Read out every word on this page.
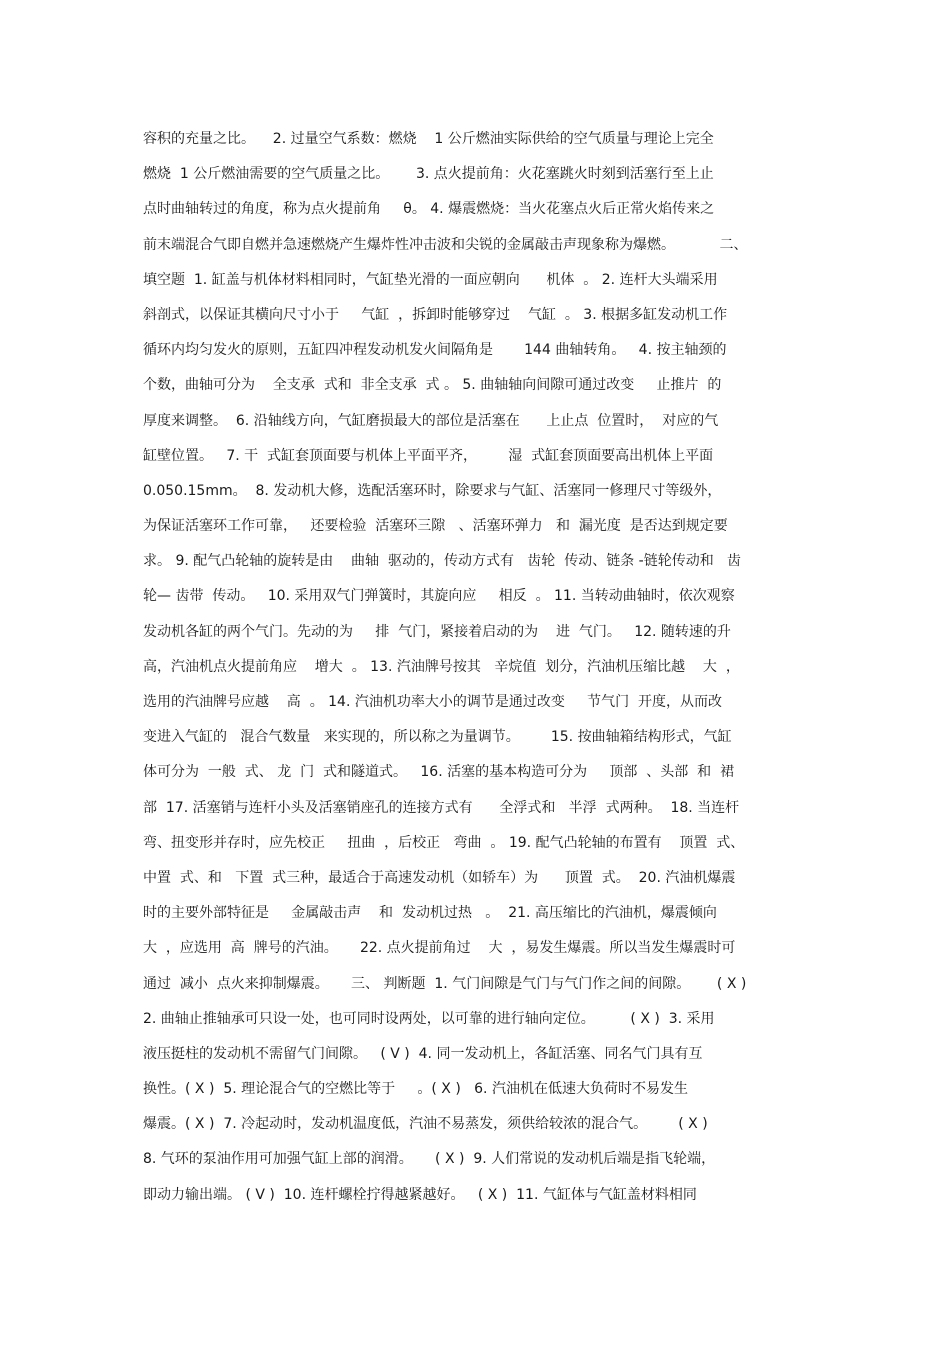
容积的充量之比。    2. 过量空气系数：燃烧    1 公斤燃油实际供给的空气质量与理论上完全
燃烧  1 公斤燃油需要的空气质量之比。      3. 点火提前角：火花塞跳火时刻到活塞行至上止
点时曲轴转过的角度，称为点火提前角     θ。 4. 爆震燃烧：当火花塞点火后正常火焰传来之
前末端混合气即自燃并急速燃烧产生爆炸性冲击波和尖锐的金属敲击声现象称为爆燃。          二、
填空题  1. 缸盖与机体材料相同时，气缸垫光滑的一面应朝向      机体  。 2. 连杆大头端采用
斜剖式，以保证其横向尺寸小于     气缸  ，拆卸时能够穿过    气缸  。 3. 根据多缸发动机工作
循环内均匀发火的原则，五缸四冲程发动机发火间隔角是       144 曲轴转角。   4. 按主轴颈的
个数，曲轴可分为    全支承  式和  非全支承  式 。 5. 曲轴轴向间隙可通过改变     止推片  的
厚度来调整。  6. 沿轴线方向，气缸磨损最大的部位是活塞在      上止点  位置时，  对应的气
缸壁位置。   7. 干  式缸套顶面要与机体上平面平齐，       湿  式缸套顶面要高出机体上平面
0.050.15mm。  8. 发动机大修，选配活塞环时，除要求与气缸、活塞同一修理尺寸等级外，
为保证活塞环工作可靠，   还要检验  活塞环三隙   、活塞环弹力   和  漏光度  是否达到规定要
求。 9. 配气凸轮轴的旋转是由    曲轴  驱动的，传动方式有   齿轮  传动、链条 -链轮传动和   齿
轮— 齿带  传动。   10. 采用双气门弹簧时，其旋向应     相反  。 11. 当转动曲轴时，依次观察
发动机各缸的两个气门。先动的为     排  气门，紧接着启动的为    进  气门。   12. 随转速的升
高，汽油机点火提前角应    增大  。 13. 汽油牌号按其   辛烷值  划分，汽油机压缩比越    大  ，
选用的汽油牌号应越    高  。 14. 汽油机功率大小的调节是通过改变     节气门  开度，从而改
变进入气缸的   混合气数量   来实现的，所以称之为量调节。       15. 按曲轴箱结构形式，气缸
体可分为  一般  式、 龙  门  式和隧道式。   16. 活塞的基本构造可分为     顶部  、头部  和  裙
部  17. 活塞销与连杆小头及活塞销座孔的连接方式有      全浮式和   半浮  式两种。  18. 当连杆
弯、扭变形并存时，应先校正     扭曲  ，后校正   弯曲  。 19. 配气凸轮轴的布置有    顶置  式、
中置  式、和   下置  式三种，最适合于高速发动机（如轿车）为      顶置  式。  20. 汽油机爆震
时的主要外部特征是     金属敲击声    和  发动机过热   。  21. 高压缩比的汽油机，爆震倾向
大  ，应选用  高  牌号的汽油。     22. 点火提前角过    大  ，易发生爆震。所以当发生爆震时可
通过  减小  点火来抑制爆震。     三、 判断题  1. 气门间隙是气门与气门作之间的间隙。      ( X )
2. 曲轴止推轴承可只设一处，也可同时设两处，以可靠的进行轴向定位。        ( X )  3. 采用
液压挺柱的发动机不需留气门间隙。   ( V )  4. 同一发动机上，各缸活塞、同名气门具有互
换性。( X )  5. 理论混合气的空燃比等于     。( X )   6. 汽油机在低速大负荷时不易发生
爆震。( X )  7. 冷起动时，发动机温度低，汽油不易蒸发，须供给较浓的混合气。       ( X )
8. 气环的泵油作用可加强气缸上部的润滑。     ( X )  9. 人们常说的发动机后端是指飞轮端，
即动力输出端。 ( V )  10. 连杆螺栓拧得越紧越好。   ( X )  11. 气缸体与气缸盖材料相同
